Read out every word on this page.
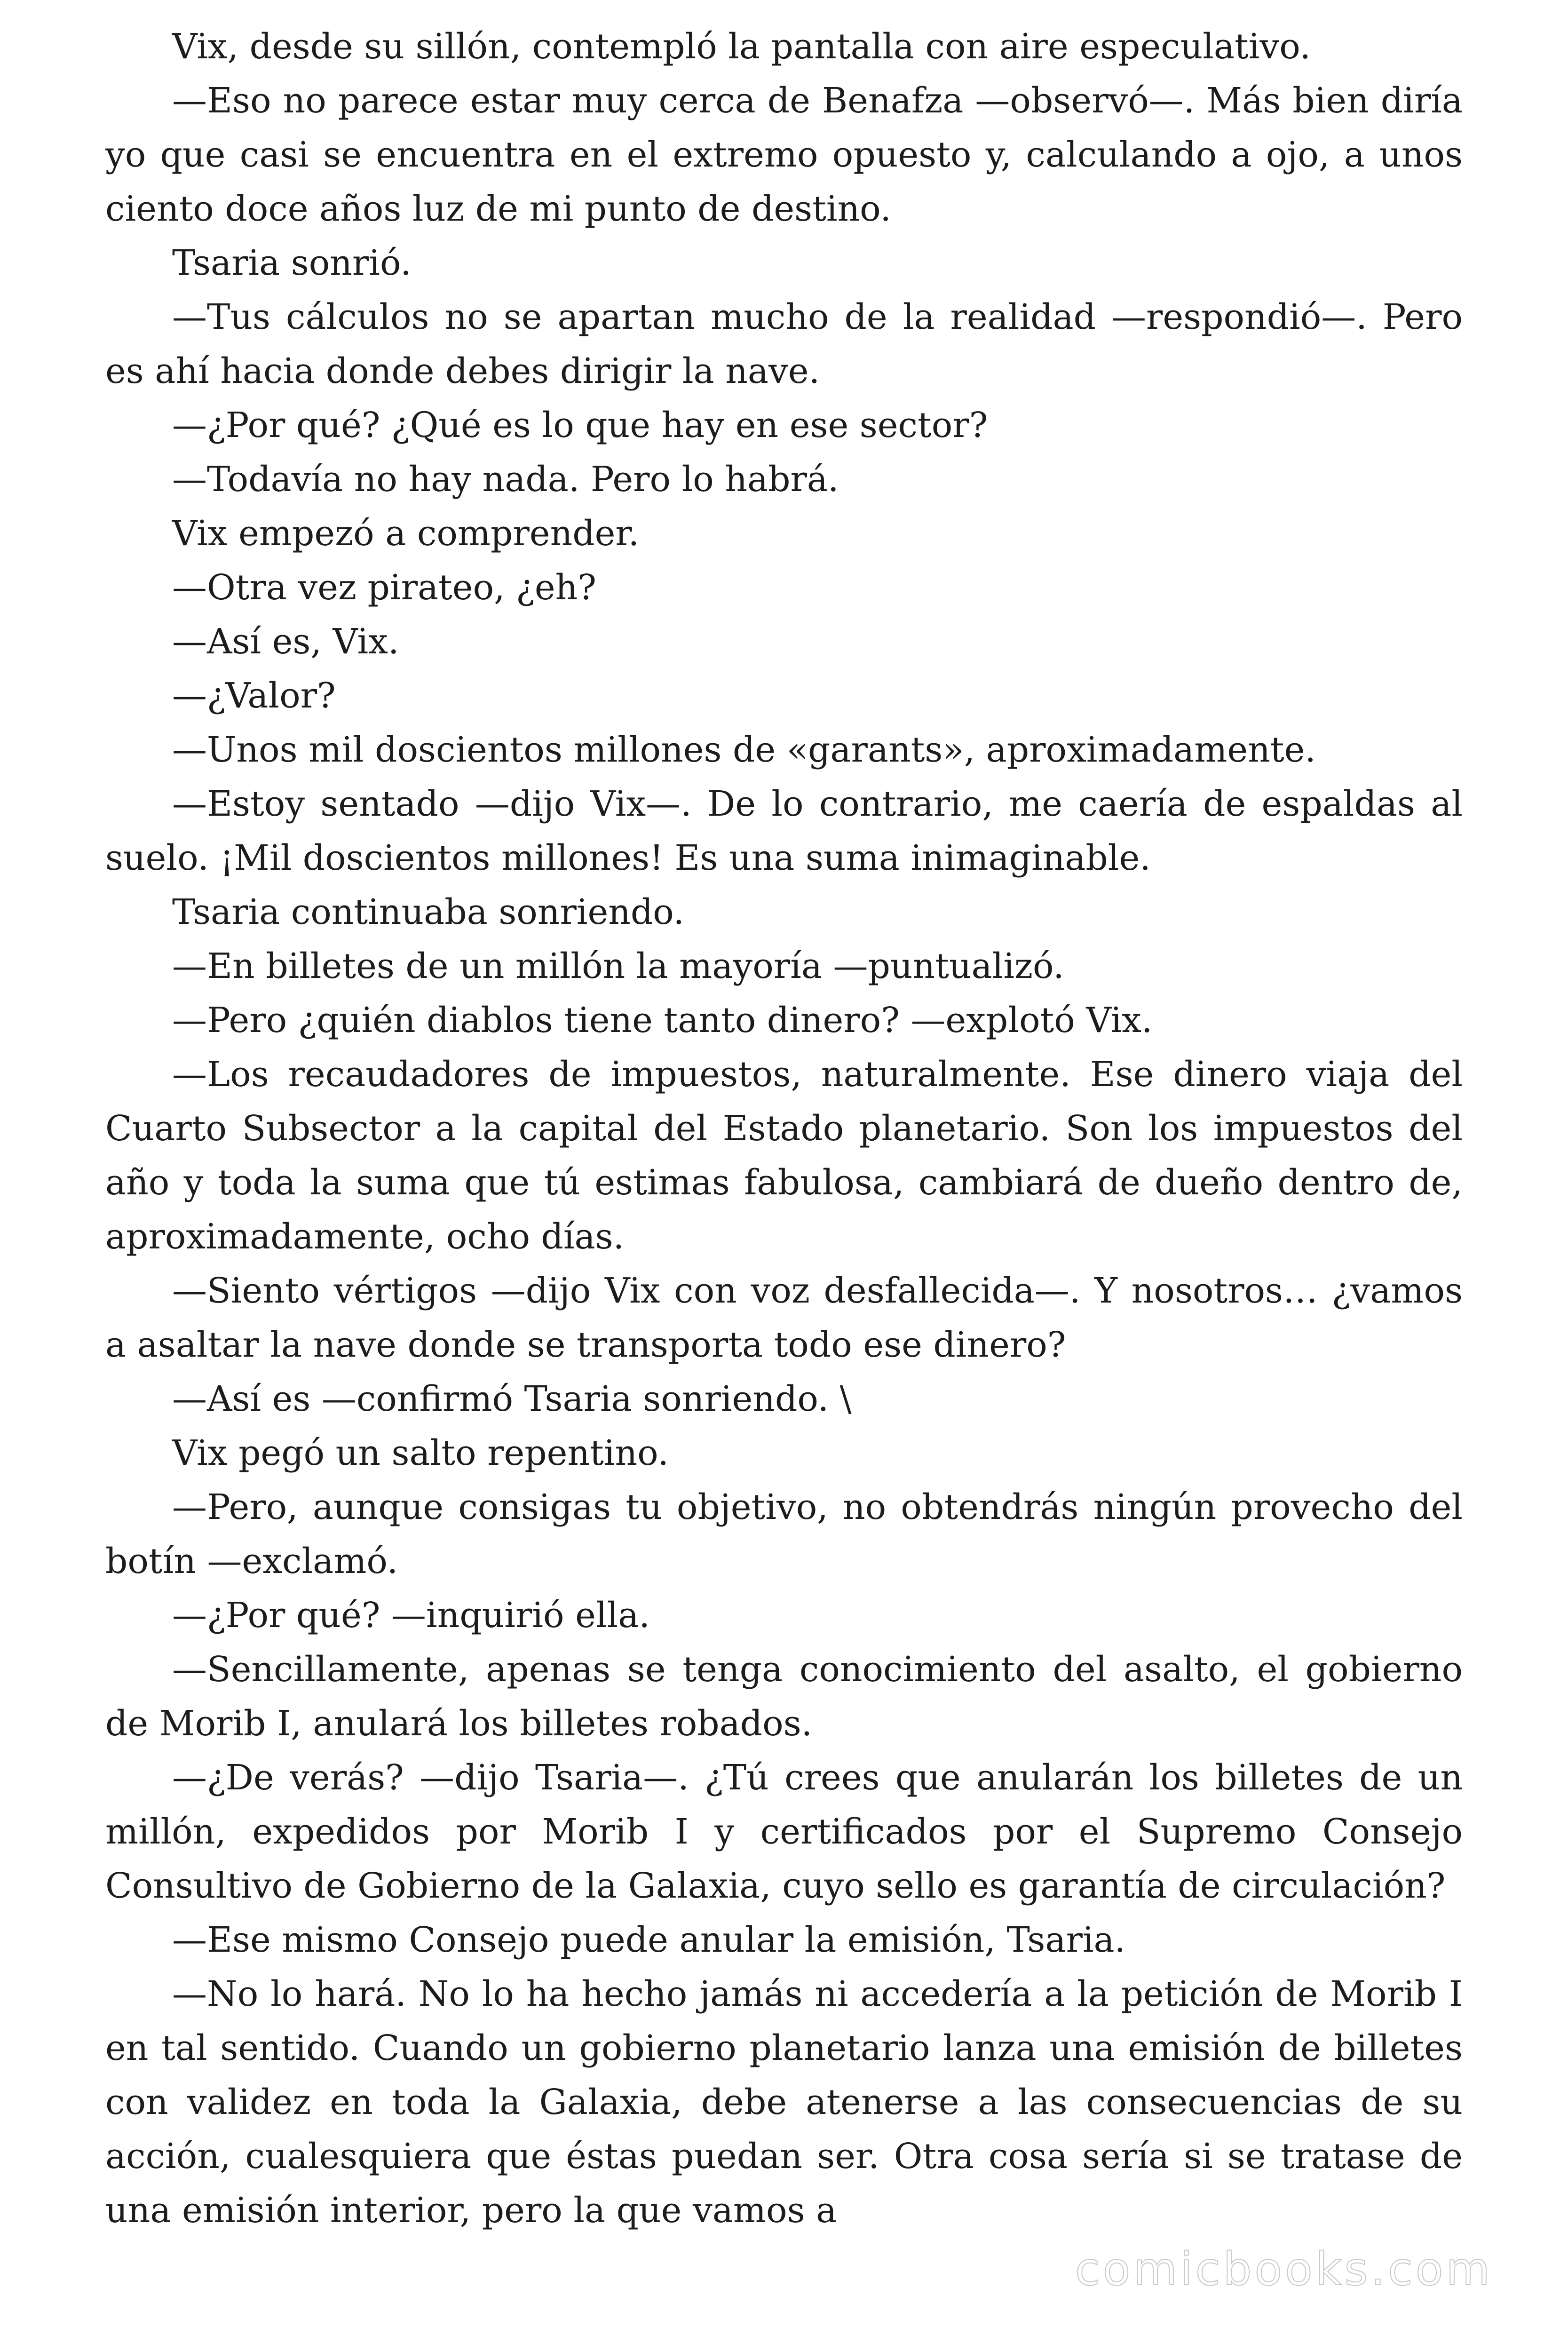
Vix, desde su sillón, contempló la pantalla con aire especulativo.

—Eso no parece estar muy cerca de Benafza —observó—. Más bien diría yo que casi se encuentra en el extremo opuesto y, calculando a ojo, a unos ciento doce años luz de mi punto de destino.

Tsaria sonrió.

—Tus cálculos no se apartan mucho de la realidad —respondió—. Pero es ahí hacia donde debes dirigir la nave.

—¿Por qué? ¿Qué es lo que hay en ese sector?

—Todavía no hay nada. Pero lo habrá.

Vix empezó a comprender.

—Otra vez pirateo, ¿eh?

—Así es, Vix.

—¿Valor?

—Unos mil doscientos millones de «garants», aproximadamente.

—Estoy sentado —dijo Vix—. De lo contrario, me caería de espaldas al suelo. ¡Mil doscientos millones! Es una suma inimaginable.

Tsaria continuaba sonriendo.

—En billetes de un millón la mayoría —puntualizó.

—Pero ¿quién diablos tiene tanto dinero? —explotó Vix.

—Los recaudadores de impuestos, naturalmente. Ese dinero viaja del Cuarto Subsector a la capital del Estado planetario. Son los impuestos del año y toda la suma que tú estimas fabulosa, cambiará de dueño dentro de, aproximadamente, ocho días.

—Siento vértigos —dijo Vix con voz desfallecida—. Y nosotros… ¿vamos a asaltar la nave donde se transporta todo ese dinero?

—Así es —confirmó Tsaria sonriendo. \

Vix pegó un salto repentino.

—Pero, aunque consigas tu objetivo, no obtendrás ningún provecho del botín —exclamó.

—¿Por qué? —inquirió ella.

—Sencillamente, apenas se tenga conocimiento del asalto, el gobierno de Morib I, anulará los billetes robados.

—¿De verás? —dijo Tsaria—. ¿Tú crees que anularán los billetes de un millón, expedidos por Morib I y certificados por el Supremo Consejo Consultivo de Gobierno de la Galaxia, cuyo sello es garantía de circulación?

—Ese mismo Consejo puede anular la emisión, Tsaria.

—No lo hará. No lo ha hecho jamás ni accedería a la petición de Morib I en tal sentido. Cuando un gobierno planetario lanza una emisión de billetes con validez en toda la Galaxia, debe atenerse a las consecuencias de su acción, cualesquiera que éstas puedan ser. Otra cosa sería si se tratase de una emisión interior, pero la que vamos a

comicbooks.com
